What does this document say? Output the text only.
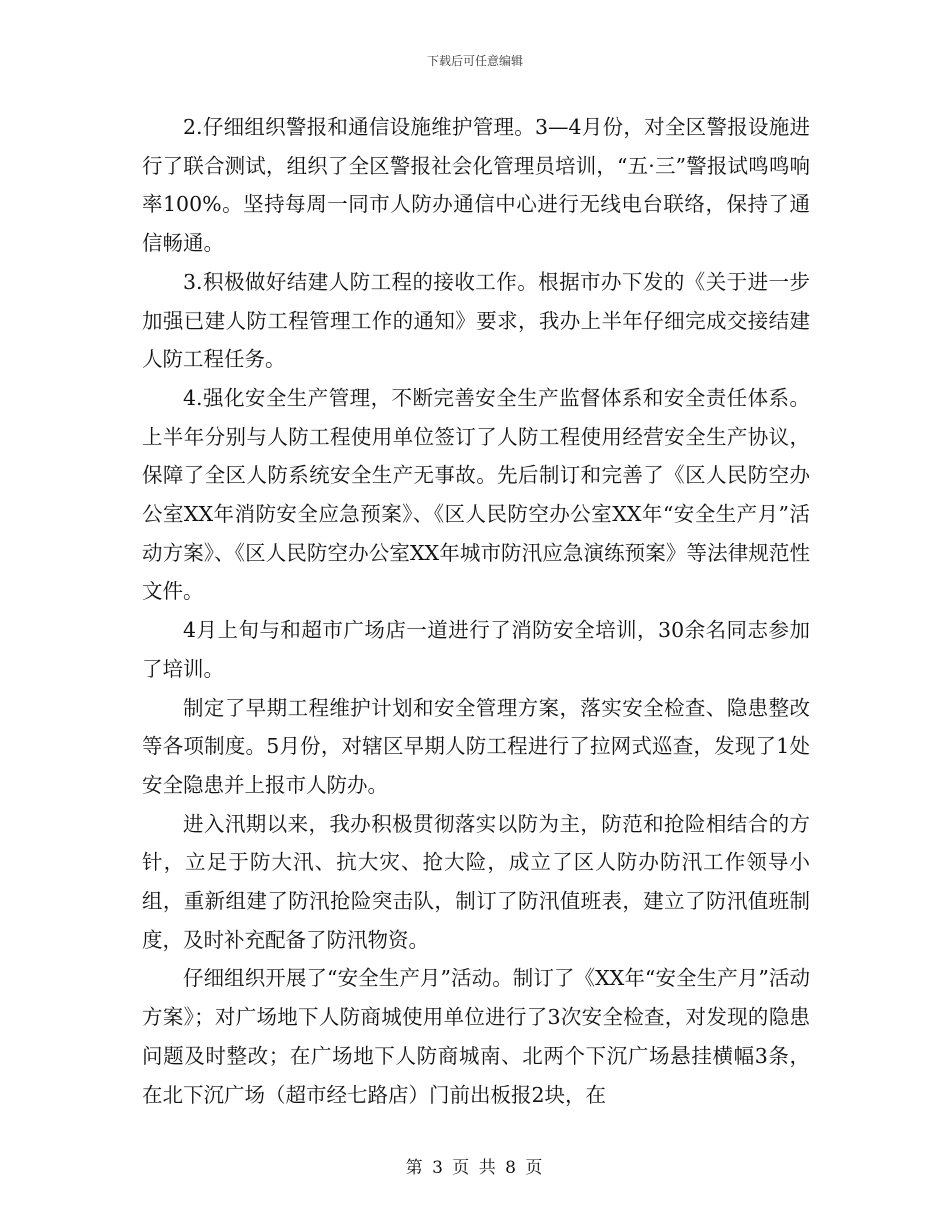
下载后可任意编辑

2.仔细组织警报和通信设施维护管理。3—4月份，对全区警报设施进行了联合测试，组织了全区警报社会化管理员培训，“五·三”警报试鸣鸣响率100%。坚持每周一同市人防办通信中心进行无线电台联络，保持了通信畅通。

3.积极做好结建人防工程的接收工作。根据市办下发的《关于进一步加强已建人防工程管理工作的通知》要求，我办上半年仔细完成交接结建人防工程任务。

4.强化安全生产管理，不断完善安全生产监督体系和安全责任体系。上半年分别与人防工程使用单位签订了人防工程使用经营安全生产协议，保障了全区人防系统安全生产无事故。先后制订和完善了《区人民防空办公室XX年消防安全应急预案》、《区人民防空办公室XX年“安全生产月”活动方案》、《区人民防空办公室XX年城市防汛应急演练预案》等法律规范性文件。

4月上旬与和超市广场店一道进行了消防安全培训，30余名同志参加了培训。

制定了早期工程维护计划和安全管理方案，落实安全检查、隐患整改等各项制度。5月份，对辖区早期人防工程进行了拉网式巡查，发现了1处安全隐患并上报市人防办。

进入汛期以来，我办积极贯彻落实以防为主，防范和抢险相结合的方针，立足于防大汛、抗大灾、抢大险，成立了区人防办防汛工作领导小组，重新组建了防汛抢险突击队，制订了防汛值班表，建立了防汛值班制度，及时补充配备了防汛物资。

仔细组织开展了“安全生产月”活动。制订了《XX年“安全生产月”活动方案》；对广场地下人防商城使用单位进行了3次安全检查，对发现的隐患问题及时整改；在广场地下人防商城南、北两个下沉广场悬挂横幅3条，在北下沉广场（超市经七路店）门前出板报2块，在

第 3 页 共 8 页
